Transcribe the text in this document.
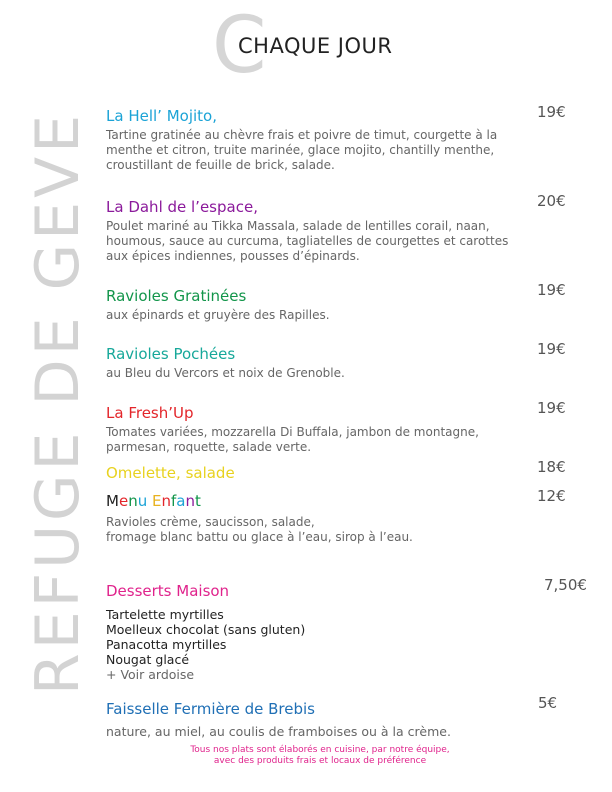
REFUGE DE GEVE
C
CHAQUE JOUR
La Hell’ Mojito,
Tartine gratinée au chèvre frais et poivre de timut, courgette à la
menthe et citron, truite marinée, glace mojito, chantilly menthe,
croustillant de feuille de brick, salade.
19€
La Dahl de l’espace,
Poulet mariné au Tikka Massala, salade de lentilles corail, naan,
houmous, sauce au curcuma, tagliatelles de courgettes et carottes
aux épices indiennes, pousses d’épinards.
20€
Ravioles Gratinées
aux épinards et gruyère des Rapilles.
19€
Ravioles Pochées
au Bleu du Vercors et noix de Grenoble.
19€
La Fresh’Up
Tomates variées, mozzarella Di Buffala, jambon de montagne,
parmesan, roquette, salade verte.
19€
Omelette, salade	18€
Menu Enfant
Ravioles crème, saucisson, salade,
fromage blanc battu ou glace à l’eau, sirop à l’eau.
12€
Desserts Maison
Tartelette myrtilles
Moelleux chocolat (sans gluten)
Panacotta myrtilles
Nougat glacé
+ Voir ardoise
7,50€
Faisselle Fermière de Brebis
nature, au miel, au coulis de framboises ou à la crème.
5€
Tous nos plats sont élaborés en cuisine, par notre équipe,
avec des produits frais et locaux de préférence
